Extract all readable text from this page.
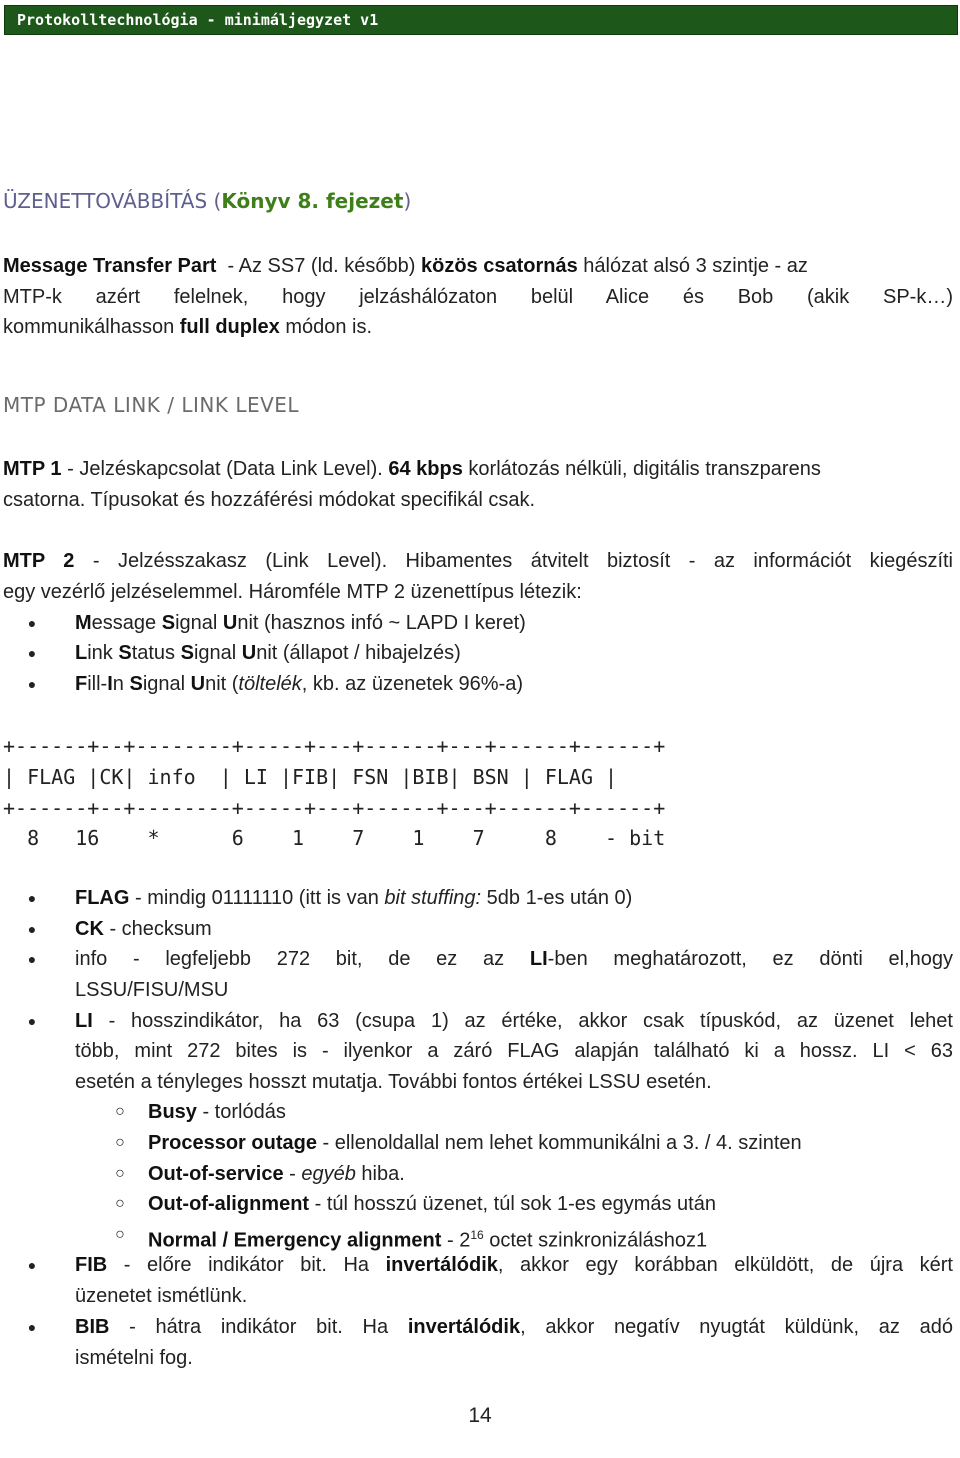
Protokolltechnológia - minimáljegyzet v1
ÜZENETTOVÁBBÍTÁS (Könyv 8. fejezet)
Message Transfer Part  - Az SS7 (ld. később) közös csatornás hálózat alsó 3 szintje - az
MTP-k azért felelnek, hogy jelzáshálózaton belül Alice és Bob (akik SP-k…)
kommunikálhasson full duplex módon is.
MTP DATA LINK / LINK LEVEL
MTP 1 - Jelzéskapcsolat (Data Link Level). 64 kbps korlátozás nélküli, digitális transzparens
csatorna. Típusokat és hozzáférési módokat specifikál csak.
MTP 2 - Jelzésszakasz (Link Level). Hibamentes átvitelt biztosít - az információt kiegészíti
egy vezérlő jelzéselemmel. Háromféle MTP 2 üzenettípus létezik:
●	Message Signal Unit (hasznos infó ~ LAPD I keret)
●	Link Status Signal Unit (állapot / hibajelzés)
●	Fill-In Signal Unit (töltelék, kb. az üzenetek 96%-a)
+------+--+--------+-----+---+------+---+------+------+
| FLAG |CK| info  | LI |FIB| FSN |BIB| BSN | FLAG |
+------+--+--------+-----+---+------+---+------+------+
8   16    *      6    1    7    1    7     8    - bit
●	FLAG - mindig 01111110 (itt is van bit stuffing: 5db 1-es után 0)
●	CK - checksum
●	info - legfeljebb 272 bit, de ez az LI-ben meghatározott, ez dönti el,hogy
LSSU/FISU/MSU
●	LI - hosszindikátor, ha 63 (csupa 1) az értéke, akkor csak típuskód, az üzenet lehet
több, mint 272 bites is - ilyenkor a záró FLAG alapján található ki a hossz. LI < 63
esetén a tényleges hosszt mutatja. További fontos értékei LSSU esetén.
○	Busy - torlódás
○	Processor outage - ellenoldallal nem lehet kommunikálni a 3. / 4. szinten
○	Out-of-service - egyéb hiba.
○	Out-of-alignment - túl hosszú üzenet, túl sok 1-es egymás után
○	Normal / Emergency alignment - $2^{16}$ octet szinkronizáláshoz1
●	FIB - előre indikátor bit. Ha invertálódik, akkor egy korábban elküldött, de újra kért
üzenetet ismétlünk.
●	BIB - hátra indikátor bit. Ha invertálódik, akkor negatív nyugtát küldünk, az adó
ismételni fog.
14
